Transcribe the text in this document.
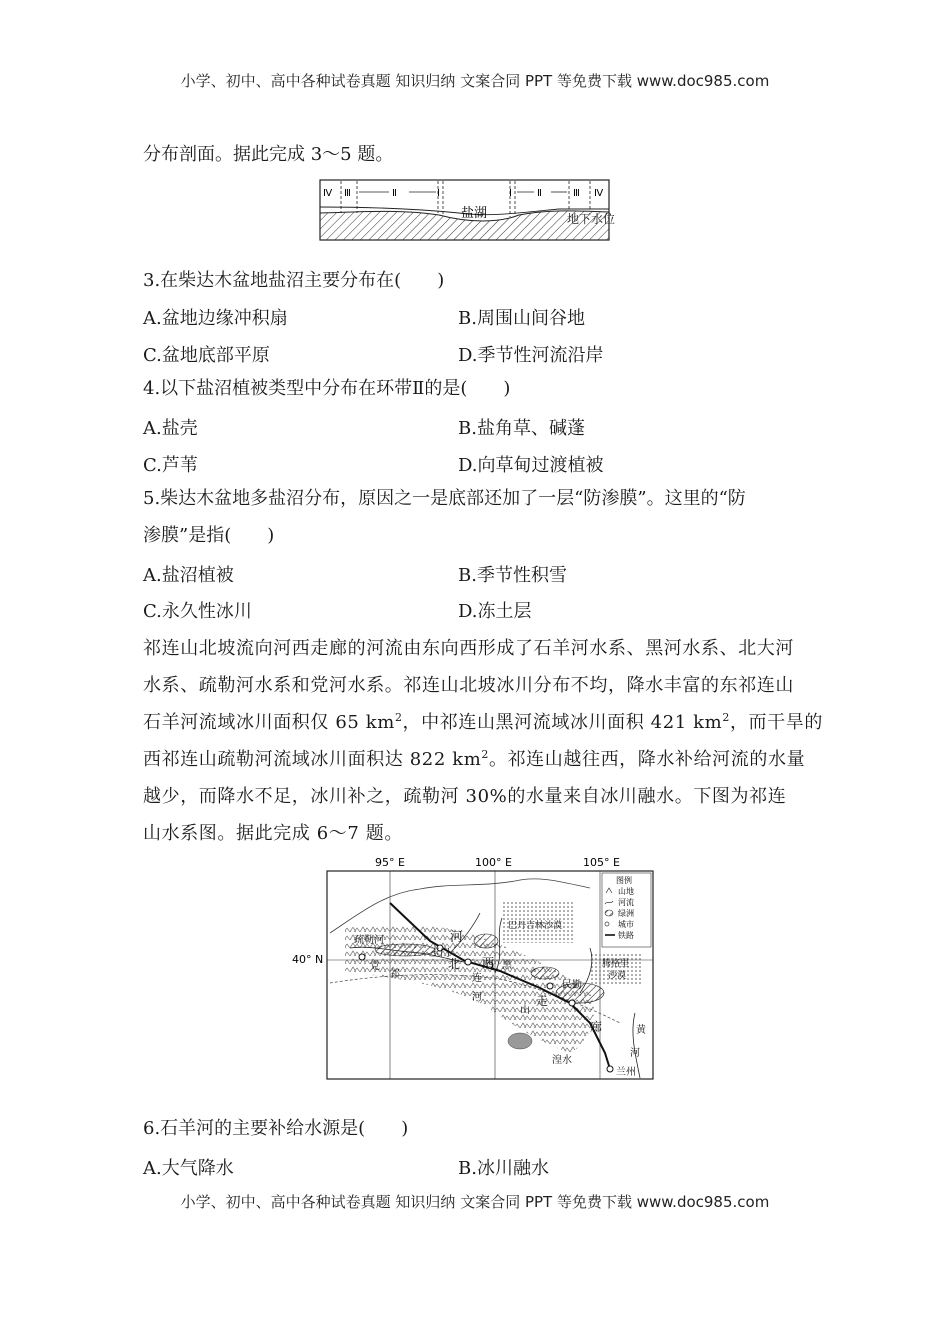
小学、初中、高中各种试卷真题 知识归纳 文案合同 PPT 等免费下载 www.doc985.com
小学、初中、高中各种试卷真题 知识归纳 文案合同 PPT 等免费下载 www.doc985.com
分布剖面。据此完成 3～5 题。
Ⅳ Ⅲ	Ⅱ	Ⅰ	Ⅰ	Ⅱ	Ⅲ Ⅳ
盐湖	地下水位
3.在柴达木盆地盐沼主要分布在(　　)
A.盆地边缘冲积扇	B.周围山间谷地
C.盆地底部平原	D.季节性河流沿岸
4.以下盐沼植被类型中分布在环带Ⅱ的是(　　)
A.盐壳	B.盐角草、碱蓬
C.芦苇	D.向草甸过渡植被
5.柴达木盆地多盐沼分布，原因之一是底部还加了一层“防渗膜”。这里的“防
渗膜”是指(　　)
A.盐沼植被	B.季节性积雪
C.永久性冰川	D.冻土层
祁连山北坡流向河西走廊的河流由东向西形成了石羊河水系、黑河水系、北大河
水系、疏勒河水系和党河水系。祁连山北坡冰川分布不均，降水丰富的东祁连山
石羊河流域冰川面积仅 65 $km^2$，中祁连山黑河流域冰川面积 421 $km^2$，而干旱的
西祁连山疏勒河流域冰川面积达 822 $km^2$。祁连山越往西，降水补给河流的水量
越少，而降水不足，冰川补之，疏勒河 30%的水量来自冰川融水。下图为祁连
山水系图。据此完成 6～7 题。
95° E	100° E	105° E
40° N
疏勒河	河
玉门
西
党
祁
北
连
河
山
黑
走
民勤
廊	黄
河
湟水
兰州
巴丹吉林沙漠
腾格里
沙漠
图例
山地
河流
绿洲
城市
铁路
6.石羊河的主要补给水源是(　　)
A.大气降水	B.冰川融水
